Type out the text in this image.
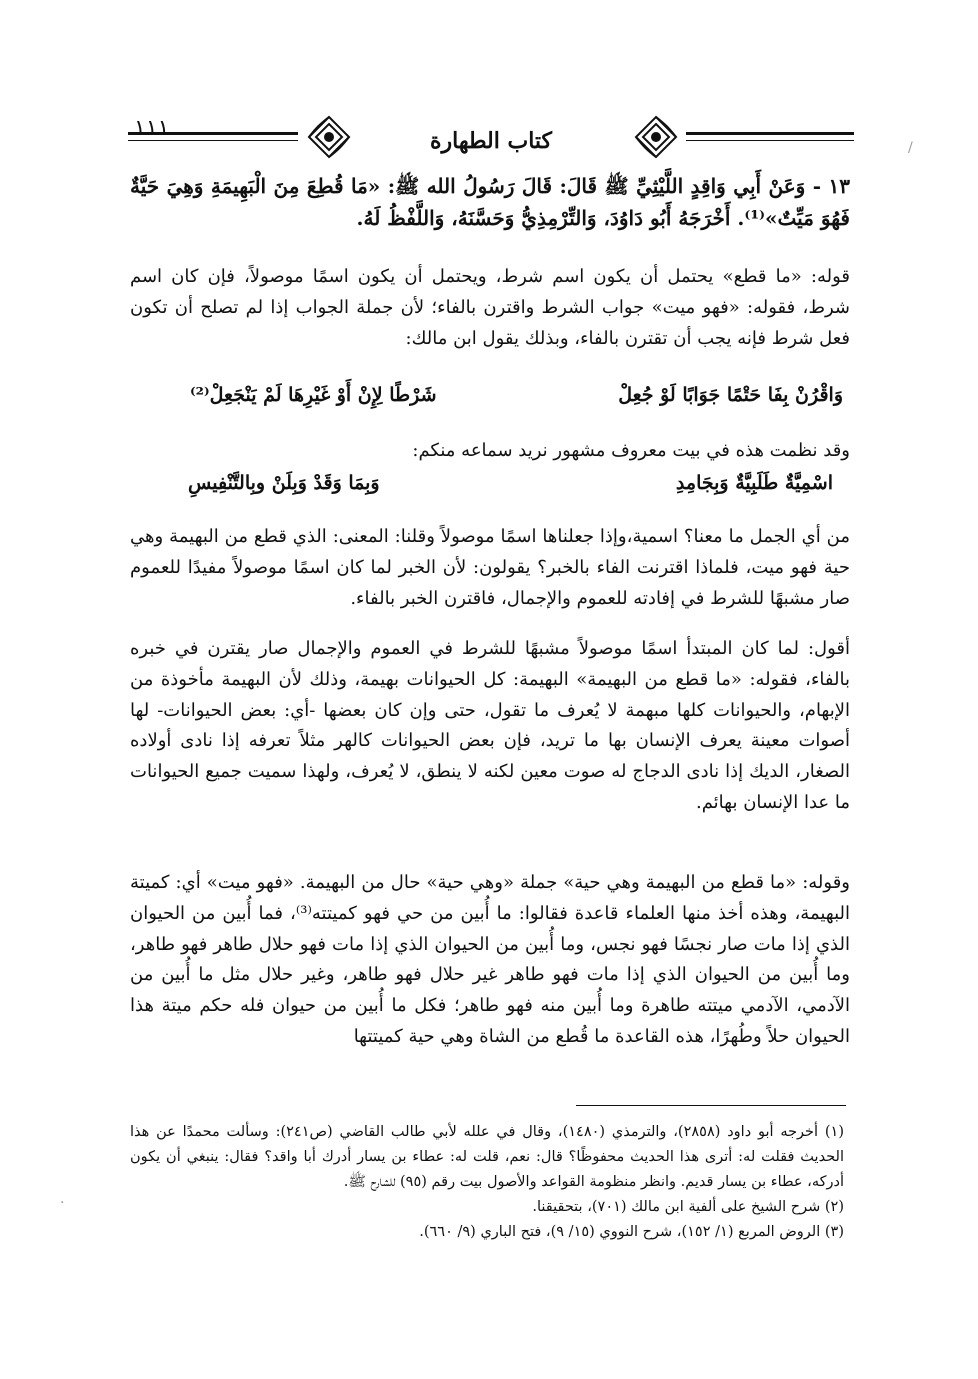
كتاب الطهارة
١١١
١٣ - وَعَنْ أَبِي وَاقِدٍ اللَّيْثِيِّ ﷺ قَالَ: قَالَ رَسُولُ الله ﷺ: «مَا قُطِعَ مِنَ الْبَهِيمَةِ وَهِيَ حَيَّةٌ فَهُوَ مَيِّتٌ»⁽¹⁾. أَخْرَجَهُ أَبُو دَاوُدَ، وَالتِّرْمِذِيُّ وَحَسَّنَهُ، وَاللَّفْظُ لَهُ.

قوله: «ما قطع» يحتمل أن يكون اسم شرط، ويحتمل أن يكون اسمًا موصولاً، فإن كان اسم شرط، فقوله: «فهو ميت» جواب الشرط واقترن بالفاء؛ لأن جملة الجواب إذا لم تصلح أن تكون فعل شرط فإنه يجب أن تقترن بالفاء، وبذلك يقول ابن مالك:

وَاقْرُنْ بِفَا حَتْمًا جَوَابًا لَوْ جُعِلْ
شَرْطًا لِإِنْ أَوْ غَيْرِهَا لَمْ يَنْجَعِلْ⁽²⁾

وقد نظمت هذه في بيت معروف مشهور نريد سماعه منكم:

اسْمِيَّةٌ طَلَبِيَّةٌ وَبِجَامِدِ
وَبِمَا وَقَدْ وَبِلَنْ وبِالتَّنْفِيسِ

من أي الجمل ما معنا؟ اسمية،وإذا جعلناها اسمًا موصولاً وقلنا: المعنى: الذي قطع من البهيمة وهي حية فهو ميت، فلماذا اقترنت الفاء بالخبر؟ يقولون: لأن الخبر لما كان اسمًا موصولاً مفيدًا للعموم صار مشبهًا للشرط في إفادته للعموم والإجمال، فاقترن الخبر بالفاء.

أقول: لما كان المبتدأ اسمًا موصولاً مشبهًا للشرط في العموم والإجمال صار يقترن في خبره بالفاء، فقوله: «ما قطع من البهيمة» البهيمة: كل الحيوانات بهيمة، وذلك لأن البهيمة مأخوذة من الإبهام، والحيوانات كلها مبهمة لا يُعرف ما تقول، حتى وإن كان بعضها -أي: بعض الحيوانات- لها أصوات معينة يعرف الإنسان بها ما تريد، فإن بعض الحيوانات كالهر مثلاً تعرفه إذا نادى أولاده الصغار، الديك إذا نادى الدجاج له صوت معين لكنه لا ينطق، لا يُعرف، ولهذا سميت جميع الحيوانات ما عدا الإنسان بهائم.

وقوله: «ما قطع من البهيمة وهي حية» جملة «وهي حية» حال من البهيمة. «فهو ميت» أي: كميتة البهيمة، وهذه أخذ منها العلماء قاعدة فقالوا: ما أُبين من حي فهو كميتته⁽³⁾، فما أُبين من الحيوان الذي إذا مات صار نجسًا فهو نجس، وما أُبين من الحيوان الذي إذا مات فهو حلال طاهر فهو طاهر، وما أُبين من الحيوان الذي إذا مات فهو طاهر غير حلال فهو طاهر، وغير حلال مثل ما أُبين من الآدمي، الآدمي ميتته طاهرة وما أُبين منه فهو طاهر؛ فكل ما أُبين من حيوان فله حكم ميتة هذا الحيوان حلاً وطُهرًا، هذه القاعدة ما قُطع من الشاة وهي حية كميتتها

(١) أخرجه أبو داود (٢٨٥٨)، والترمذي (١٤٨٠)، وقال في علله لأبي طالب القاضي (ص٢٤١): وسألت محمدًا عن هذا الحديث فقلت له: أترى هذا الحديث محفوظًا؟ قال: نعم، قلت له: عطاء بن يسار أدرك أبا واقد؟ فقال: ينبغي أن يكون أدركه، عطاء بن يسار قديم. وانظر منظومة القواعد والأصول بيت رقم (٩٥) للشارح ﷺ.

(٢) شرح الشيخ على ألفية ابن مالك (٧٠١)، بتحقيقنا.

(٣) الروض المربع (١/ ١٥٢)، شرح النووي (١٥/ ٩)، فتح الباري (٩/ ٦٦٠).

/
·
